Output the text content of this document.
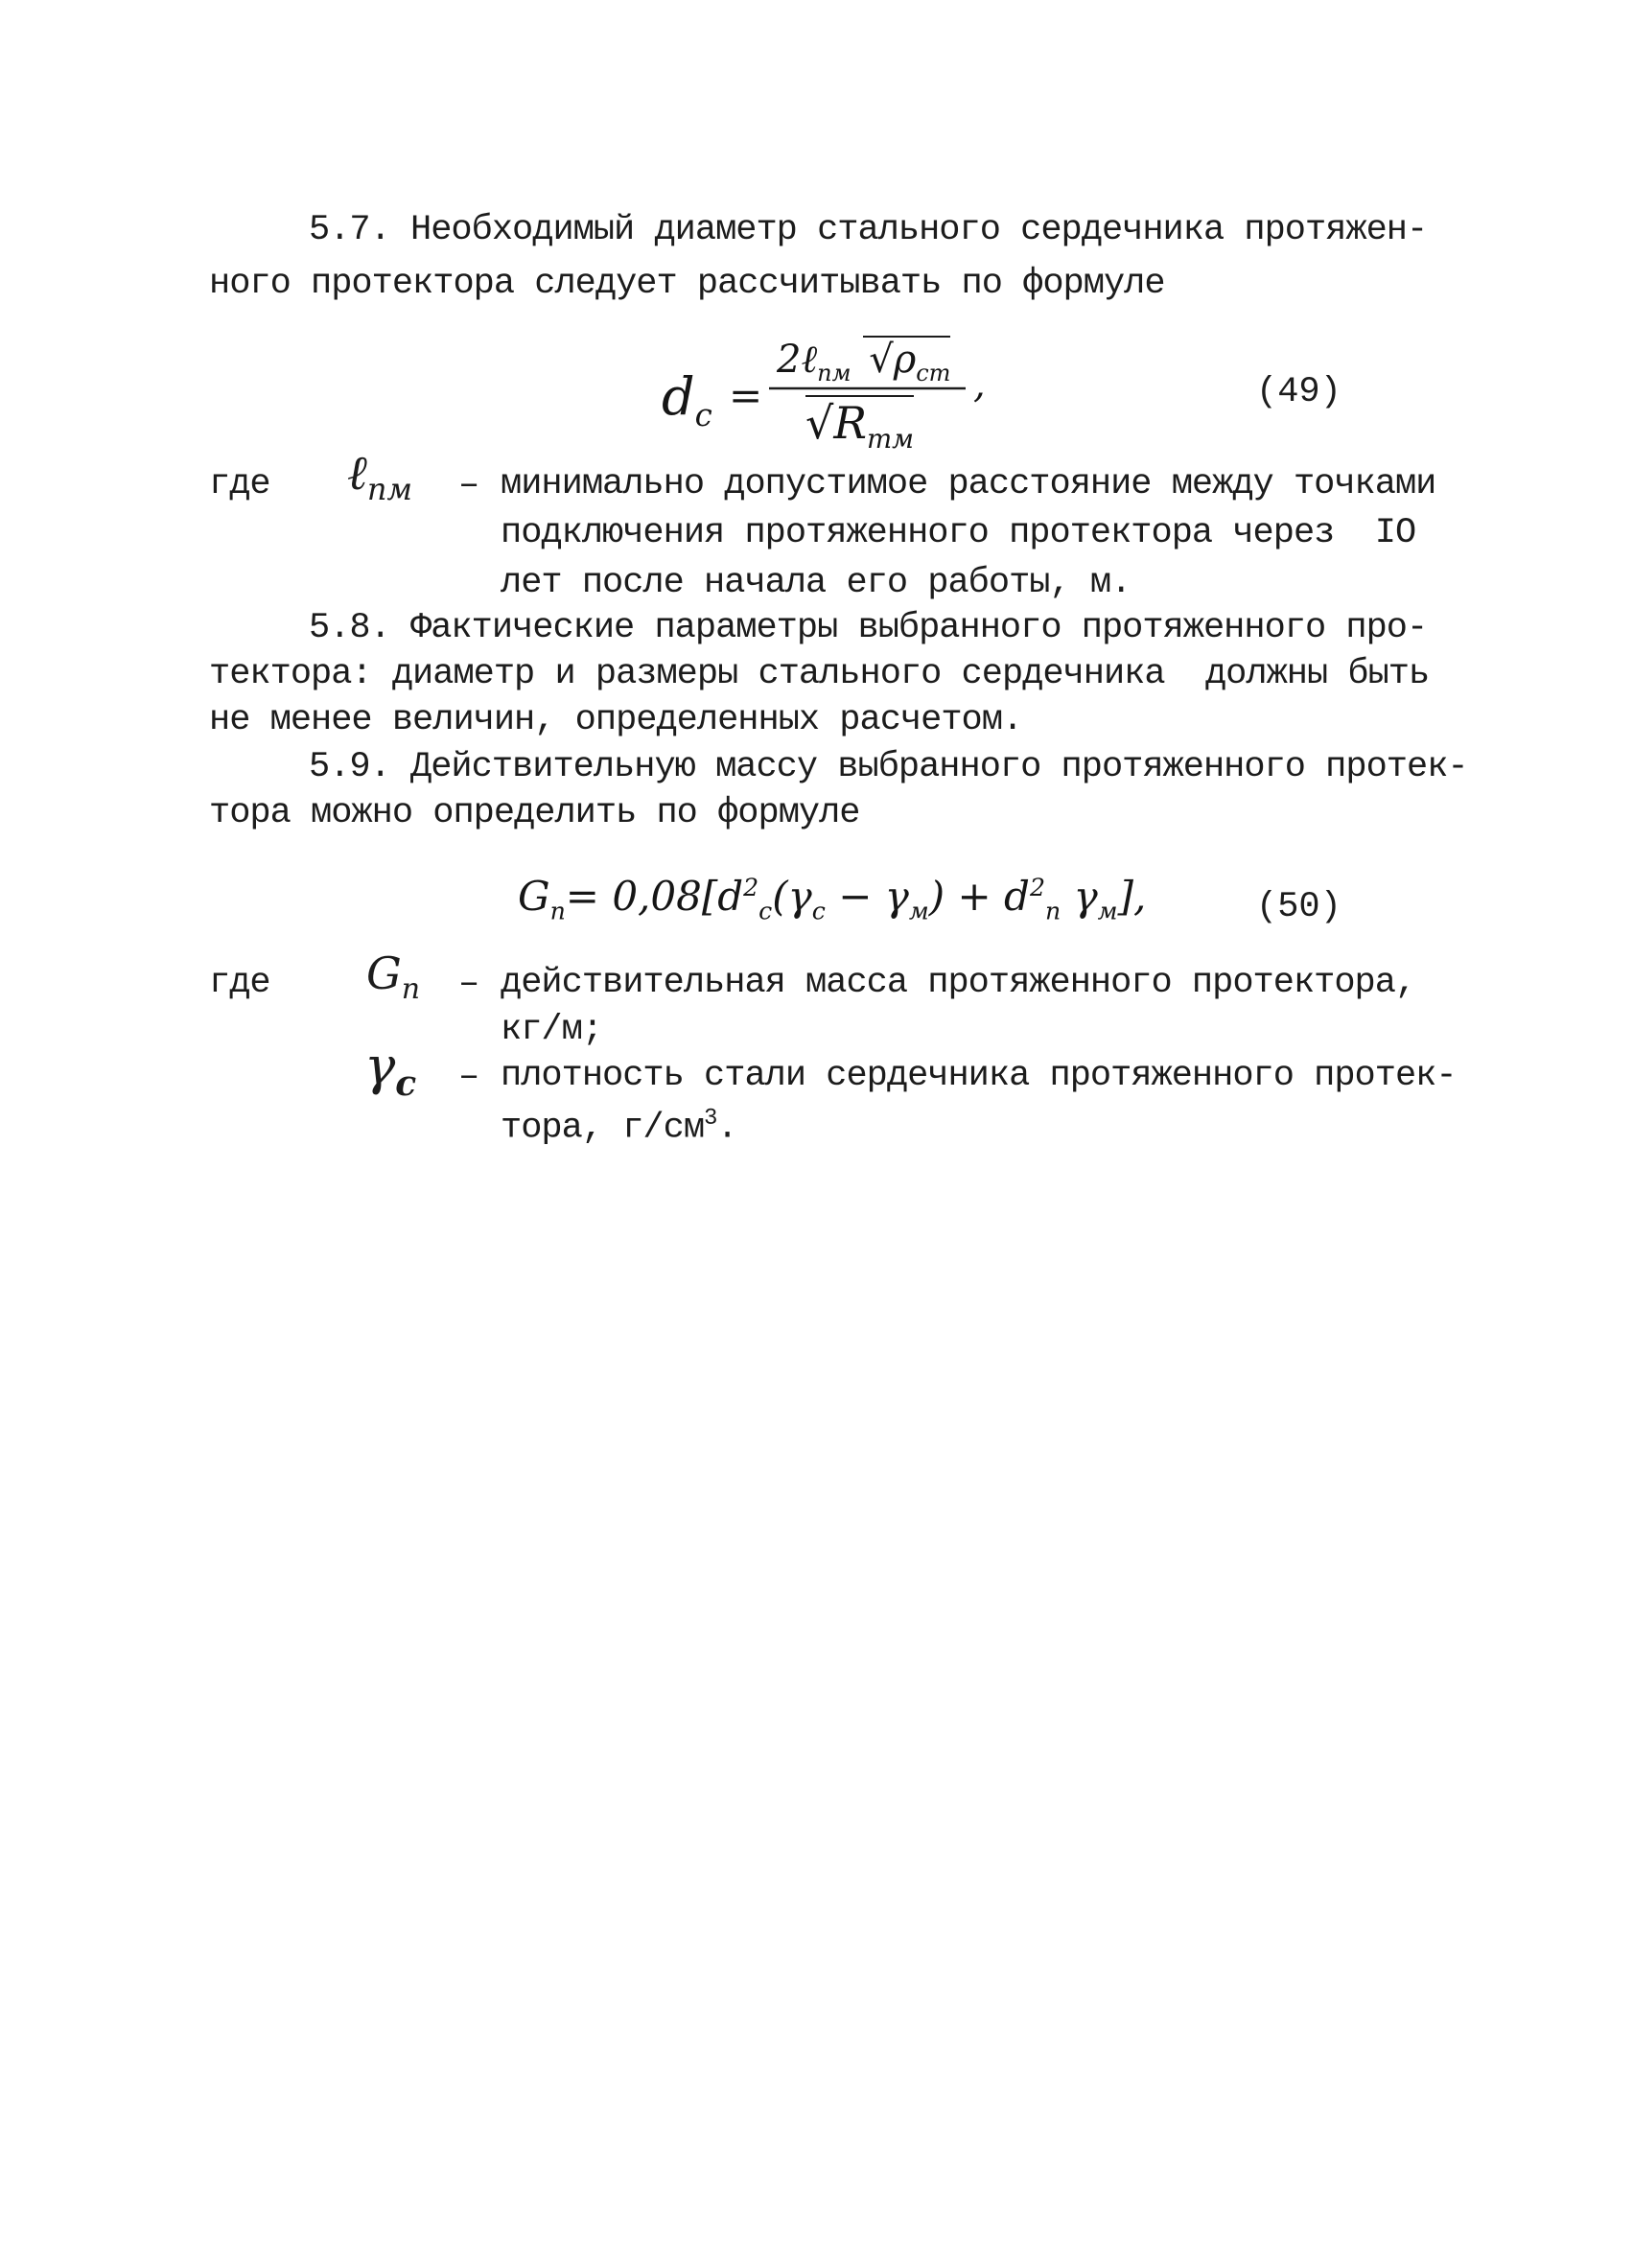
5.7. Необходимый диаметр стального сердечника протяжен-
ного протектора следует рассчитывать по формуле
$d_c$ =
2ℓ$_{пм}$ $√\rho_{ст}$
$√R_{тм}$
,	(49)
где ℓ$_{пм}$ – минимально допустимое расстояние между точками
подключения протяженного протектора через  IO
лет после начала его работы, м.
5.8. Фактические параметры выбранного протяженного про-
тектора: диаметр и размеры стального сердечника  должны быть
не менее величин, определенных расчетом.
5.9. Действительную массу выбранного протяженного протек-
тора можно определить по формуле
$G_п= 0,08[d^2_c(\gamma_c - \gamma_м) + d^2_п$ $\gamma_м$],	(50)
где $G_п$ – действительная масса протяженного протектора,
кг/м;
$\gamma_c$ – плотность стали сердечника протяженного протек-
тора, $г/см^3$.
